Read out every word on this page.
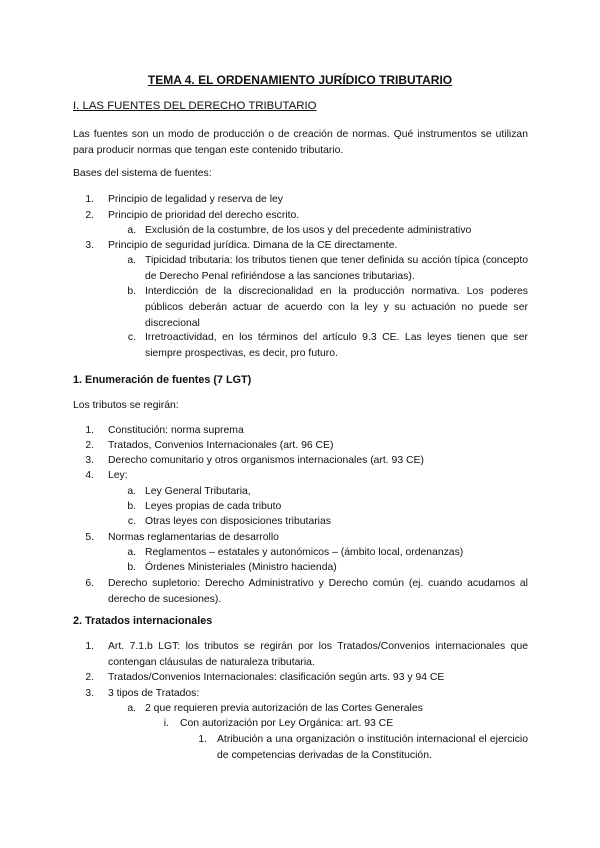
TEMA 4. EL ORDENAMIENTO JURÍDICO TRIBUTARIO
I. LAS FUENTES DEL DERECHO TRIBUTARIO
Las fuentes son un modo de producción o de creación de normas. Qué instrumentos se utilizan para producir normas que tengan este contenido tributario.
Bases del sistema de fuentes:
1. Principio de legalidad y reserva de ley
2. Principio de prioridad del derecho escrito.
a. Exclusión de la costumbre, de los usos y del precedente administrativo
3. Principio de seguridad jurídica. Dimana de la CE directamente.
a. Tipicidad tributaria: los tributos tienen que tener definida su acción típica (concepto de Derecho Penal refiriéndose a las sanciones tributarias).
b. Interdicción de la discrecionalidad en la producción normativa. Los poderes públicos deberán actuar de acuerdo con la ley y su actuación no puede ser discrecional
c. Irretroactividad, en los términos del artículo 9.3 CE. Las leyes tienen que ser siempre prospectivas, es decir, pro futuro.
1. Enumeración de fuentes (7 LGT)
Los tributos se regirán:
1. Constitución: norma suprema
2. Tratados, Convenios Internacionales (art. 96 CE)
3. Derecho comunitario y otros organismos internacionales (art. 93 CE)
4. Ley:
a. Ley General Tributaria,
b. Leyes propias de cada tributo
c. Otras leyes con disposiciones tributarias
5. Normas reglamentarias de desarrollo
a. Reglamentos – estatales y autonómicos – (ámbito local, ordenanzas)
b. Órdenes Ministeriales (Ministro hacienda)
6. Derecho supletorio: Derecho Administrativo y Derecho común (ej. cuando acudamos al derecho de sucesiones).
2. Tratados internacionales
1. Art. 7.1.b LGT: los tributos se regirán por los Tratados/Convenios internacionales que contengan cláusulas de naturaleza tributaria.
2. Tratados/Convenios Internacionales: clasificación según arts. 93 y 94 CE
3. 3 tipos de Tratados:
a. 2 que requieren previa autorización de las Cortes Generales
i. Con autorización por Ley Orgánica: art. 93 CE
1. Atribución a una organización o institución internacional el ejercicio de competencias derivadas de la Constitución.
